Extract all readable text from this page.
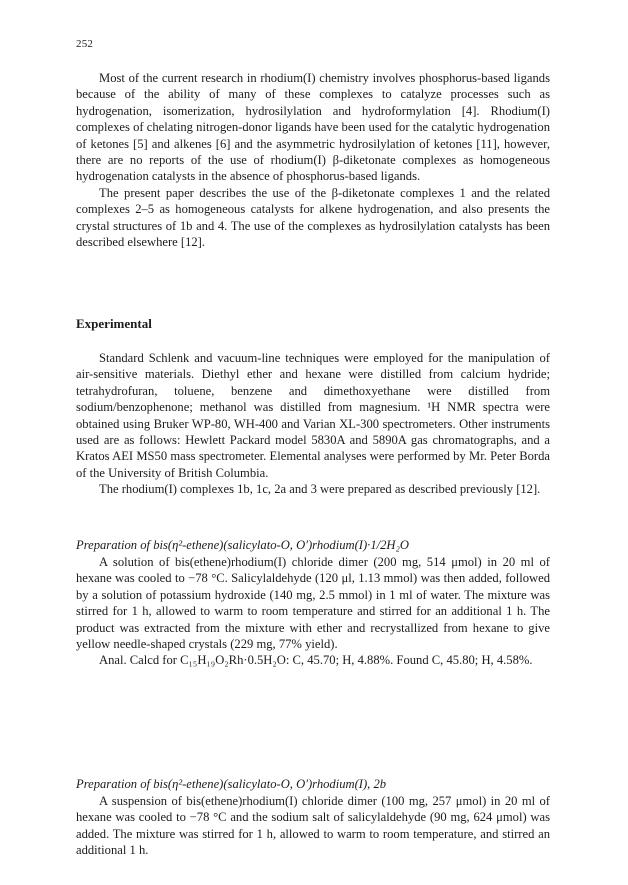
252

Most of the current research in rhodium(I) chemistry involves phosphorus-based ligands because of the ability of many of these complexes to catalyze processes such as hydrogenation, isomerization, hydrosilylation and hydroformylation [4]. Rhodium(I) complexes of chelating nitrogen-donor ligands have been used for the catalytic hydrogenation of ketones [5] and alkenes [6] and the asymmetric hydrosilylation of ketones [11], however, there are no reports of the use of rhodium(I) β-diketonate complexes as homogeneous hydrogenation catalysts in the absence of phosphorus-based ligands.

The present paper describes the use of the β-diketonate complexes 1 and the related complexes 2–5 as homogeneous catalysts for alkene hydrogenation, and also presents the crystal structures of 1b and 4. The use of the complexes as hydrosilylation catalysts has been described elsewhere [12].

Experimental

Standard Schlenk and vacuum-line techniques were employed for the manipulation of air-sensitive materials. Diethyl ether and hexane were distilled from calcium hydride; tetrahydrofuran, toluene, benzene and dimethoxyethane were distilled from sodium/benzophenone; methanol was distilled from magnesium. ¹H NMR spectra were obtained using Bruker WP-80, WH-400 and Varian XL-300 spectrometers. Other instruments used are as follows: Hewlett Packard model 5830A and 5890A gas chromatographs, and a Kratos AEI MS50 mass spectrometer. Elemental analyses were performed by Mr. Peter Borda of the University of British Columbia.

The rhodium(I) complexes 1b, 1c, 2a and 3 were prepared as described previously [12].

Preparation of bis(η²-ethene)(salicylato-O, O′)rhodium(I)·1/2H₂O

A solution of bis(ethene)rhodium(I) chloride dimer (200 mg, 514 μmol) in 20 ml of hexane was cooled to −78 °C. Salicylaldehyde (120 μl, 1.13 mmol) was then added, followed by a solution of potassium hydroxide (140 mg, 2.5 mmol) in 1 ml of water. The mixture was stirred for 1 h, allowed to warm to room temperature and stirred for an additional 1 h. The product was extracted from the mixture with ether and recrystallized from hexane to give yellow needle-shaped crystals (229 mg, 77% yield).

Anal. Calcd for C₁₅H₁₉O₂Rh·0.5H₂O: C, 45.70; H, 4.88%. Found C, 45.80; H, 4.58%.

Preparation of bis(η²-ethene)(salicylato-O, O′)rhodium(I), 2b

A suspension of bis(ethene)rhodium(I) chloride dimer (100 mg, 257 μmol) in 20 ml of hexane was cooled to −78 °C and the sodium salt of salicylaldehyde (90 mg, 624 μmol) was added. The mixture was stirred for 1 h, allowed to warm to room temperature, and stirred an additional 1 h.
